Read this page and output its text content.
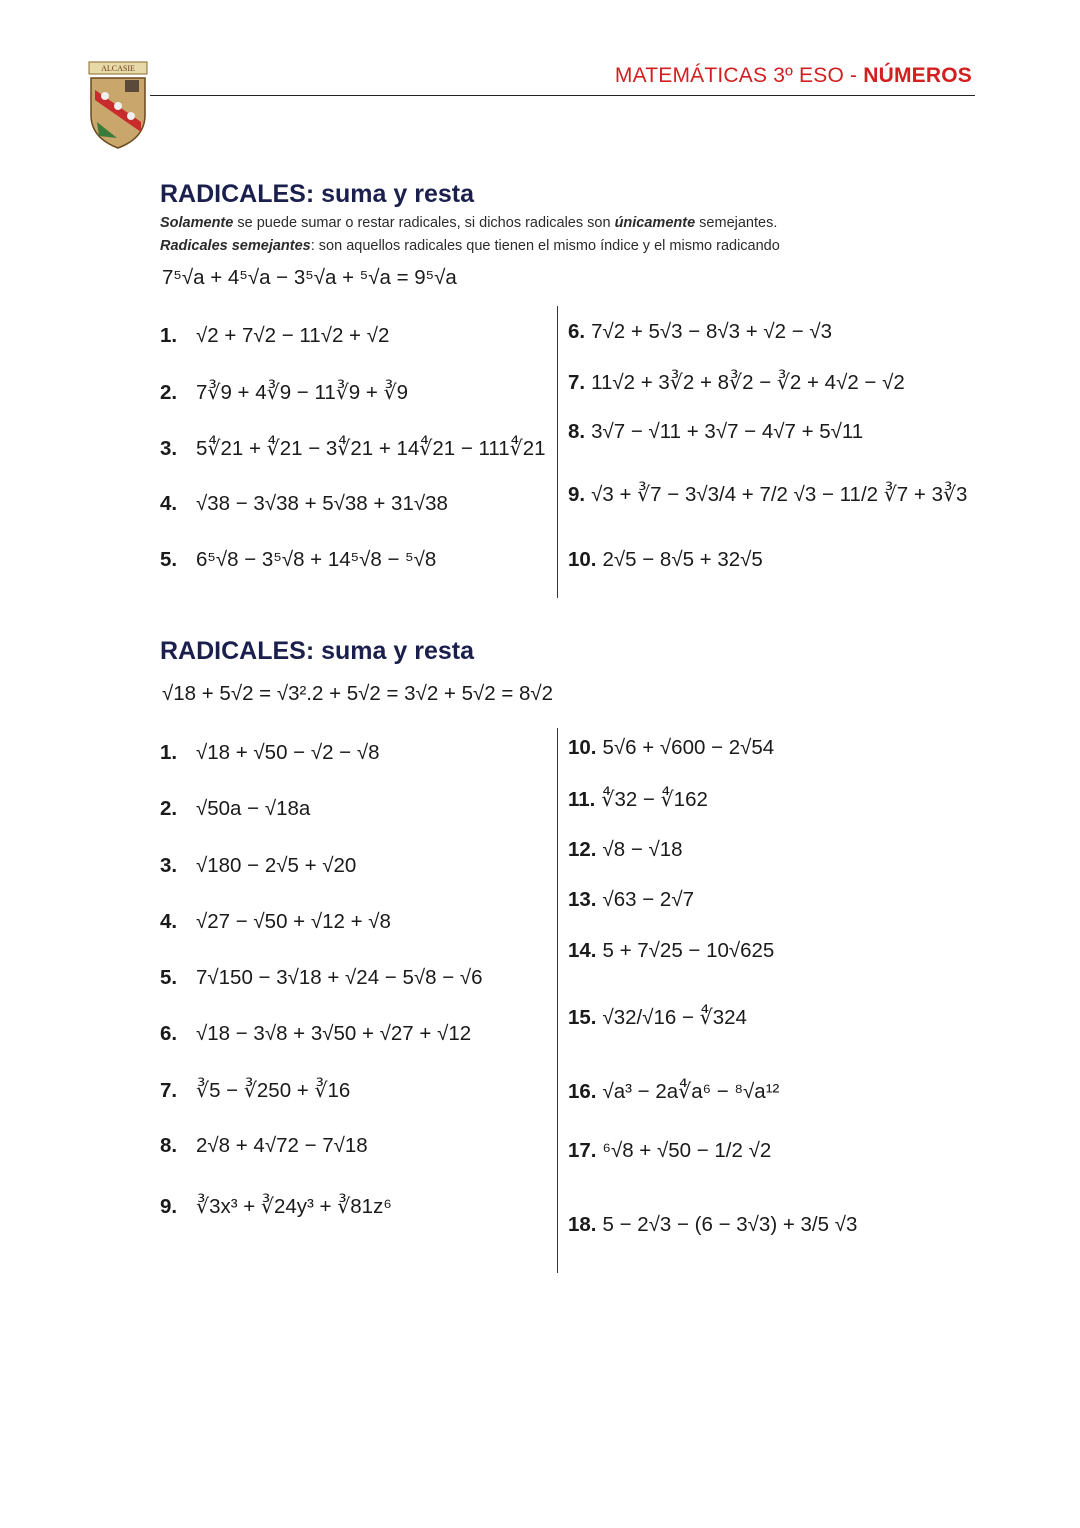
ALCASIE	MATEMÁTICAS 3º ESO - NÚMEROS
RADICALES: suma y resta
Solamente se puede sumar o restar radicales, si dichos radicales son únicamente semejantes.
Radicales semejantes: son aquellos radicales que tienen el mismo índice y el mismo radicando
7⁵√a + 4⁵√a − 3⁵√a + ⁵√a = 9⁵√a
1. √2 + 7√2 − 11√2 + √2
2. 7∛9 + 4∛9 − 11∛9 + ∛9
3. 5∜21 + ∜21 − 3∜21 + 14∜21 − 111∜21
4. √38 − 3√38 + 5√38 + 31√38
5. 6⁵√8 − 3⁵√8 + 14⁵√8 − ⁵√8
6. 7√2 + 5√3 − 8√3 + √2 − √3
7. 11√2 + 3∛2 + 8∛2 − ∛2 + 4√2 − √2
8. 3√7 − √11 + 3√7 − 4√7 + 5√11
9. √3 + ∛7 − 3√3/4 + 7/2 √3 − 11/2 ∛7 + 3∛3
10. 2√5 − 8√5 + 32√5
RADICALES: suma y resta
√18 + 5√2 = √3².2 + 5√2 = 3√2 + 5√2 = 8√2
1. √18 + √50 − √2 − √8
2. √50a − √18a
3. √180 − 2√5 + √20
4. √27 − √50 + √12 + √8
5. 7√150 − 3√18 + √24 − 5√8 − √6
6. √18 − 3√8 + 3√50 + √27 + √12
7. ∛5 − ∛250 + ∛16
8. 2√8 + 4√72 − 7√18
9. ∛3x³ + ∛24y³ + ∛81z⁶
10. 5√6 + √600 − 2√54
11. ∜32 − ∜162
12. √8 − √18
13. √63 − 2√7
14. 5 + 7√25 − 10√625
15. √32/√16 − ∜324
16. √a³ − 2a∜a⁶ − ⁸√a¹²
17. ⁶√8 + √50 − 1/2 √2
18. 5 − 2√3 − (6 − 3√3) + 3/5 √3
